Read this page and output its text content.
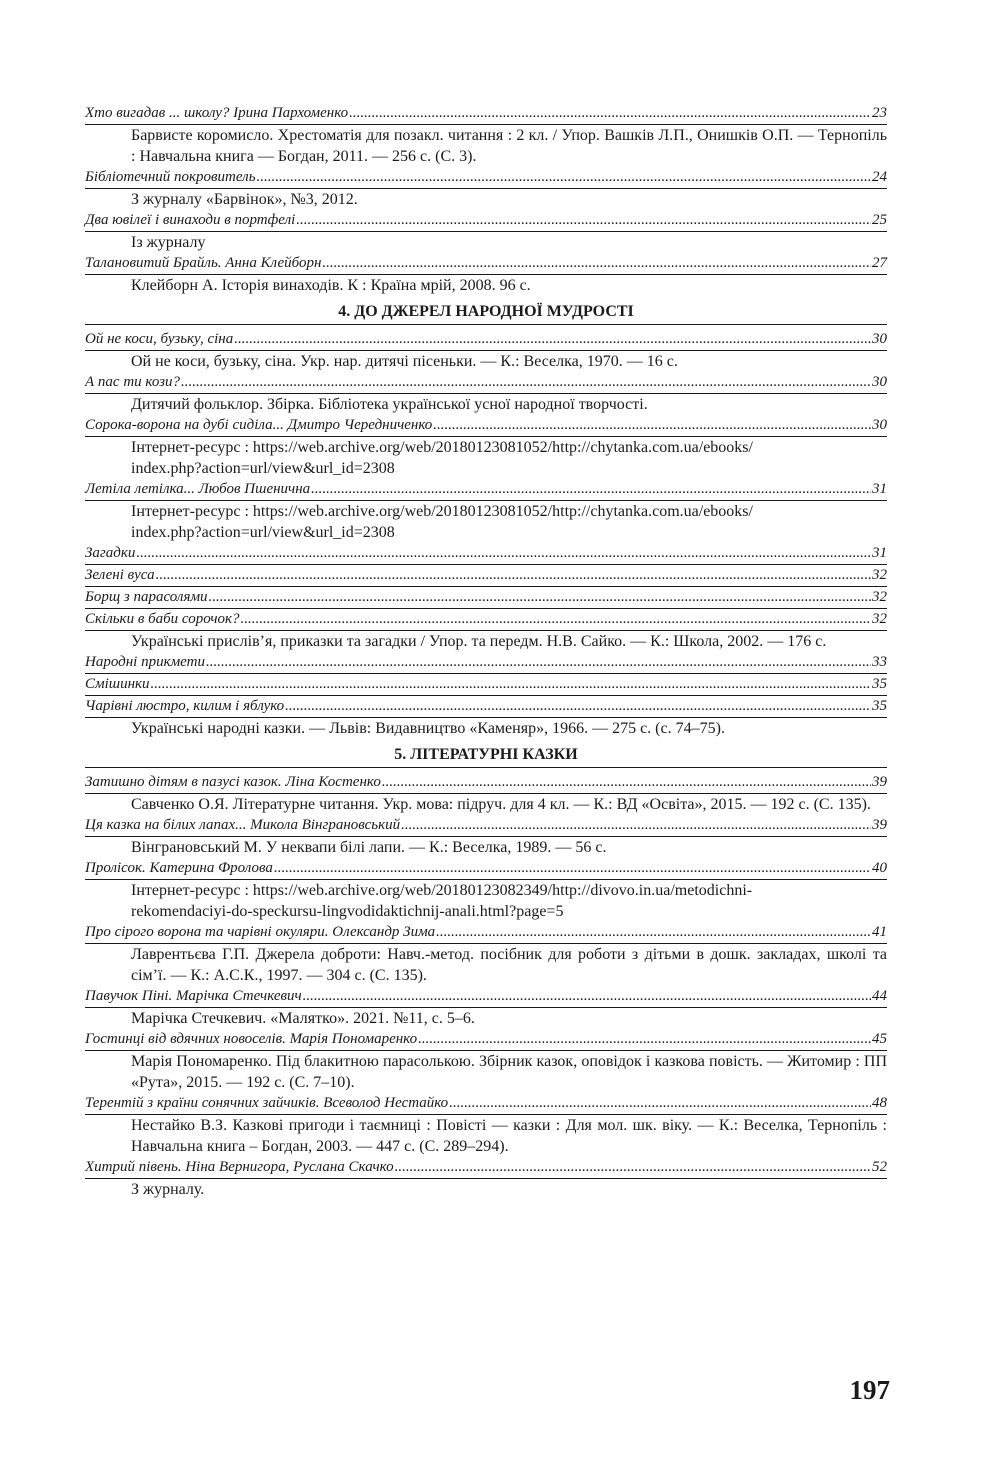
Хто вигадав ... школу? Ірина Пархоменко .....	23
Барвисте коромисло. Хрестоматія для позакл. читання : 2 кл. / Упор. Вашків Л.П., Онишків О.П. — Тернопіль : Навчальна книга — Богдан, 2011. — 256 с. (С. 3).
Бібліотечний покровитель .....	24
З журналу «Барвінок», №3, 2012.
Два ювілеї і винаходи в портфелі .....	25
Із журналу
Талановитий Брайль. Анна Клейборн .....	27
Клейборн А. Історія винаходів. К : Країна мрій, 2008. 96 с.
4. ДО ДЖЕРЕЛ НАРОДНОЇ МУДРОСТІ
Ой не коси, бузьку, сіна .....	30
Ой не коси, бузьку, сіна. Укр. нар. дитячі пісеньки. — К.: Веселка, 1970. — 16 с.
А пас ти кози? .....	30
Дитячий фольклор. Збірка. Бібліотека української усної народної творчості.
Сорока-ворона на дубі сиділа... Дмитро Чередниченко .....	30
Інтернет-ресурс : https://web.archive.org/web/20180123081052/http://chytanka.com.ua/ebooks/
index.php?action=url/view&url_id=2308
Летіла летілка... Любов Пшенична .....	31
Інтернет-ресурс : https://web.archive.org/web/20180123081052/http://chytanka.com.ua/ebooks/
index.php?action=url/view&url_id=2308
Загадки .....	31
Зелені вуса .....	32
Борщ з парасолями .....	32
Скільки в баби сорочок? .....	32
Українські прислів’я, приказки та загадки / Упор. та передм. Н.В. Сайко. — К.: Школа, 2002. — 176 с.
Народні прикмети .....	33
Смішинки .....	35
Чарівні люстро, килим і яблуко .....	35
Українські народні казки. — Львів: Видавництво «Каменяр», 1966. — 275 с. (с. 74–75).
5. ЛІТЕРАТУРНІ КАЗКИ
Затишно дітям в пазусі казок. Ліна Костенко .....	39
Савченко О.Я. Літературне читання. Укр. мова: підруч. для 4 кл. — К.: ВД «Освіта», 2015. — 192 с. (С. 135).
Ця казка на білих лапах... Микола Вінграновський .....	39
Вінграновський М. У неквапи білі лапи. — К.: Веселка, 1989. — 56 с.
Пролісок. Катерина Фролова .....	40
Інтернет-ресурс : https://web.archive.org/web/20180123082349/http://divovo.in.ua/metodichni-
rekomendaciyi-do-speckursu-lingvodidaktichnij-anali.html?page=5
Про сірого ворона та чарівні окуляри. Олександр Зима .....	41
Лаврентьєва Г.П. Джерела доброти: Навч.-метод. посібник для роботи з дітьми в дошк. закладах, школі та сім’ї. — К.: А.С.К., 1997. — 304 с. (С. 135).
Павучок Піні. Марічка Стечкевич .....	44
Марічка Стечкевич. «Малятко». 2021. №11, с. 5–6.
Гостинці від вдячних новоселів. Марія Пономаренко .....	45
Марія Пономаренко. Під блакитною парасолькою. Збірник казок, оповідок і казкова повість. — Житомир : ПП «Рута», 2015. — 192 с. (С. 7–10).
Терентій з країни сонячних зайчиків. Всеволод Нестайко .....	48
Нестайко В.З. Казкові пригоди і таємниці : Повісті — казки : Для мол. шк. віку. — К.: Веселка, Тернопіль : Навчальна книга – Богдан, 2003. — 447 с. (С. 289–294).
Хитрий півень. Ніна Вернигора, Руслана Скачко .....	52
З журналу.
197
